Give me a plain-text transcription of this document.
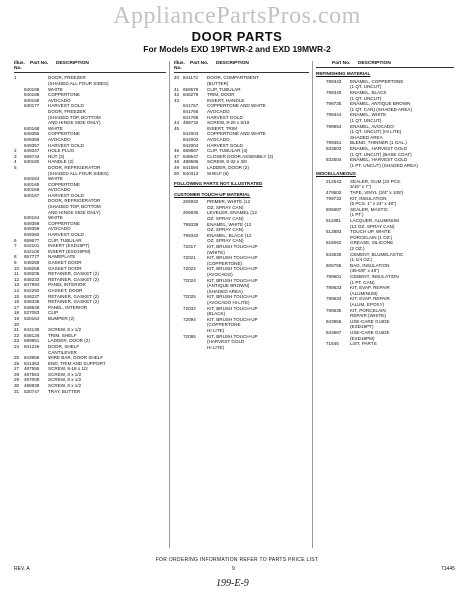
AppliancePartsPros.com
DOOR PARTS
For Models EXD 19PTWR-2 and EXD 19MWR-2
Illus. No.
Part No.	DESCRIPTION
1	DOOR, FREEZER
(SHADED ALL FOUR SIDES)
840168	WHITE
840188	COPPERTONE
840158	AVOCADO
840177	HARVEST GOLD
DOOR, FREEZER
(SHADED TOP, BOTTOM
AND HINGE SIDE ONLY)
840168	WHITE
849355	COPPERTONE
849356	AVOCADO
849357	HARVEST GOLD
2	849347	HOLE PLUG
3	659734	NUT (3)
4	840180	HANDLE (2)
5	DOOR, REFRIGERATOR
(SHADED ALL FOUR SIDES)
840164	WHITE
840165	COPPERTONE
840166	AVOCADO
840167	HARVEST GOLD
DOOR, REFRIGERATOR
(SHADED TOP, BOTTOM
AND HINGE SIDE ONLY)
840164	WHITE
849358	COPPERTONE
849359	AVOCADO
849360	HARVEST GOLD
6	659677	CLIP, TUBULAR
7	842101	INSERT (EXD19PT)
842100	INSERT (EXD19PM)
8	857777	NAMEPLATE
9	848259	GASKET DOOR
10	848258	GASKET DOOR
11	848205	RETAINER, GASKET (2)
12	848233	RETAINER, GASKET (2)
13	847894	PANEL INTERIOR
14	842250	GASKET, DOOR
15	848237	RETAINER, GASKET (2)
16	848335	RETAINER, GASKET (2)
17	849548	PANEL, INTERIOR
18	537083	CLIP
19	530164	BUMPER (2)
20
21	842130	SCREW, 8 x 1/2
22	848126	TRIM, SHELF
23	589951	LADDER, DOOR (2)
24	841226	DOOR, SHELF
CANTILEVER
25	843956	WIRE BAR, DOOR SHELF
26	841362	END, TRIM AND SUPPORT
27	487555	SCREW, 8-18 x 1/2
28	487553	SCREW, 8 x 1/2
29	497009	SCREW, 8 x 1/2
30	488839	SCREW, 8 x 1/2
31	530747	TRAY, BUTTER
Illus. No.
Part No.	DESCRIPTION
40 841172	DOOR, COMPARTMENT
(BUTTER)
41 659576	CLIP, TUBULAR
42 848278	TRIM, DOOR
43	INSERT, HANDLE
841767	COPPERTONE AND WHITE
841766	AVOCADO
841768	HARVEST GOLD
44 488732	SCREW, 8-20 x 5/16
45	INSERT, TRIM
842003	COPPERTONE AND WHITE
842002	AVOCADO
842004	HARVEST GOLD
46 659567	CLIP, TUBULAR (4)
47 848547	CLOSER DOOR ASSEMBLY (2)
48 488586	SCREW, 8-32 x 3/8
49 841594	LADDER, DOOR (2)
50 840313	SHELF (6)
FOLLOWING PARTS NOT ILLUSTRATED
CUSTOMER TOUCH-UP MATERIAL
206932	PRIMER, WHITE (12
OZ. SPRAY CAN)
206935	LEVELER, ENAMEL (12
OZ. SPRAY CAN)
799339	ENAMEL, WHITE (12
OZ. SPRAY CAN)
799342	ENAMEL, BLACK (12
OZ. SPRAY CAN)
72017	KIT, BRUSH TOUCH-UP
(WHITE)
72021	KIT, BRUSH TOUCH-UP
(COPPERTONE)
72022	KIT, BRUSH TOUCH-UP
(AVOCADO)
72024	KIT, BRUSH TOUCH-UP
(ANTIQUE BROWN)
(SHADED AREA)
72025	KIT, BRUSH TOUCH-UP
(AVOCADO HI LITE)
72032	KIT, BRUSH TOUCH-UP
(BLACK)
72094	KIT, BRUSH TOUCH-UP
(COPPERTONE
HI LITE)
72095	KIT, BRUSH TOUCH-UP
(HARVEST GOLD
HI LITE)
Part No.	DESCRIPTION
REFINISHING MATERIAL
799343	ENAMEL, COPPERTONE
(1 QT. UNCUT)
799340	ENAMEL, BLACK
(1 QT. UNCUT)
799735	ENAMEL, ANTIQUE BROWN
(1 QT. CAN) (SHADED AREA)
799344	ENAMEL, WHITE
(1 QT. UNCUT)
799954	ENAMEL, AVOCADO
(1 QT. UNCUT) (HI LITE)
SHADED AREA
799351	BLEND, THINNER (1 GAL.)
833503	ENAMEL, HARVEST GOLD
(1 QT. UNCUT) (BASE COAT)
833504	ENAMEL, HARVEST GOLD
(1 PT. UNCUT) (SHADED AREA)
MISCELLANEOUS
212643	SEALER, GUM (22 PCS.
3/16" x 7")
479502	TAPE, VINYL (3/4" x 108')
799732	KIT, INSULATION
(5 PCS. 1" x 24" x 48")
505587	SEALER, MASTIC
(1 PT.)
511881	LACQUER, ALUMINUM
(12 OZ. SPRAY CAN)
513883	TOUCH UP, WHITE
PORCELAIN (1 OZ.)
515062	GREASE, SILICONE
(2 OZ.)
543636	CEMENT, BLUMELASTIC
(1-1/4 OZ.)
606755	BAG, INSULATION
(36-5/8" x 48")
799601	CEMENT, INSULATION
(1 PT. CAN)
799633	KIT, EVAP. REPAIR
(ALUMINUM)
799634	KIT, EVAP. REPAIR
(ALUM. EPOXY)
799635	KIT, PORCELAIN
REPAIR (WHITE)
843966	USE-CARE GUIDE
(EXD19PT)
843967	USE-CARE GUIDE
(EXD19PM)
71645	LIST, PARTS
FOR ORDERING INFORMATION REFER TO PARTS PRICE LIST
REV. A	9	71445
199-E-9
